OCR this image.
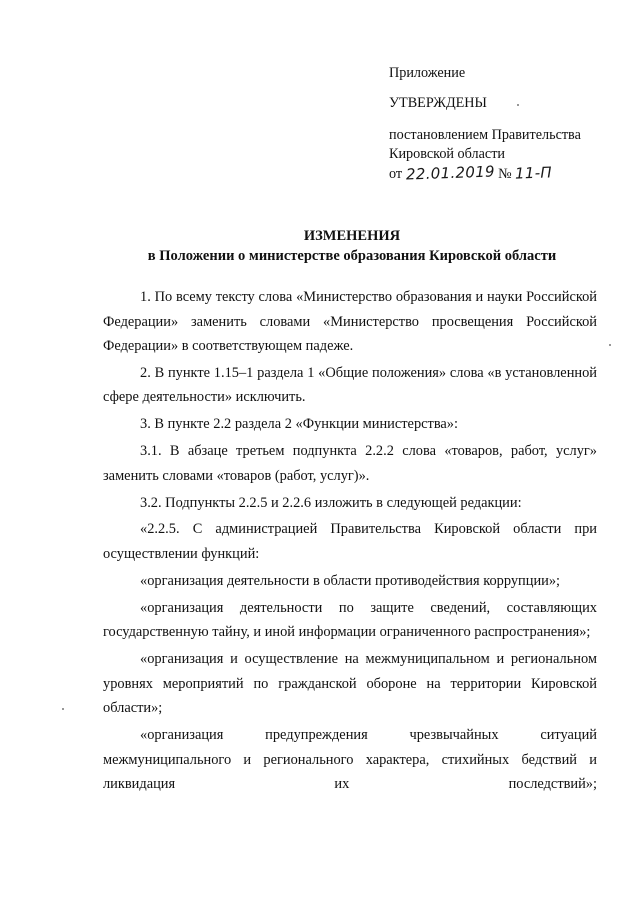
Приложение
УТВЕРЖДЕНЫ
постановлением Правительства
Кировской области
от 22.01.2019 № 11-П
ИЗМЕНЕНИЯ
в Положении о министерстве образования Кировской области

1. По всему тексту слова «Министерство образования и науки Российской Федерации» заменить словами «Министерство просвещения Российской Федерации» в соответствующем падеже.

2. В пункте 1.15–1 раздела 1 «Общие положения» слова «в установленной сфере деятельности» исключить.

3. В пункте 2.2 раздела 2 «Функции министерства»:

3.1. В абзаце третьем подпункта 2.2.2 слова «товаров, работ, услуг» заменить словами «товаров (работ, услуг)».

3.2. Подпункты 2.2.5 и 2.2.6 изложить в следующей редакции:

«2.2.5. С администрацией Правительства Кировской области при осуществлении функций:

«организация деятельности в области противодействия коррупции»;

«организация деятельности по защите сведений, составляющих государственную тайну, и иной информации ограниченного распространения»;

«организация и осуществление на межмуниципальном и региональном уровнях мероприятий по гражданской обороне на территории Кировской области»;

«организация предупреждения чрезвычайных ситуаций межмуниципального и регионального характера, стихийных бедствий и ликвидация их последствий»;
